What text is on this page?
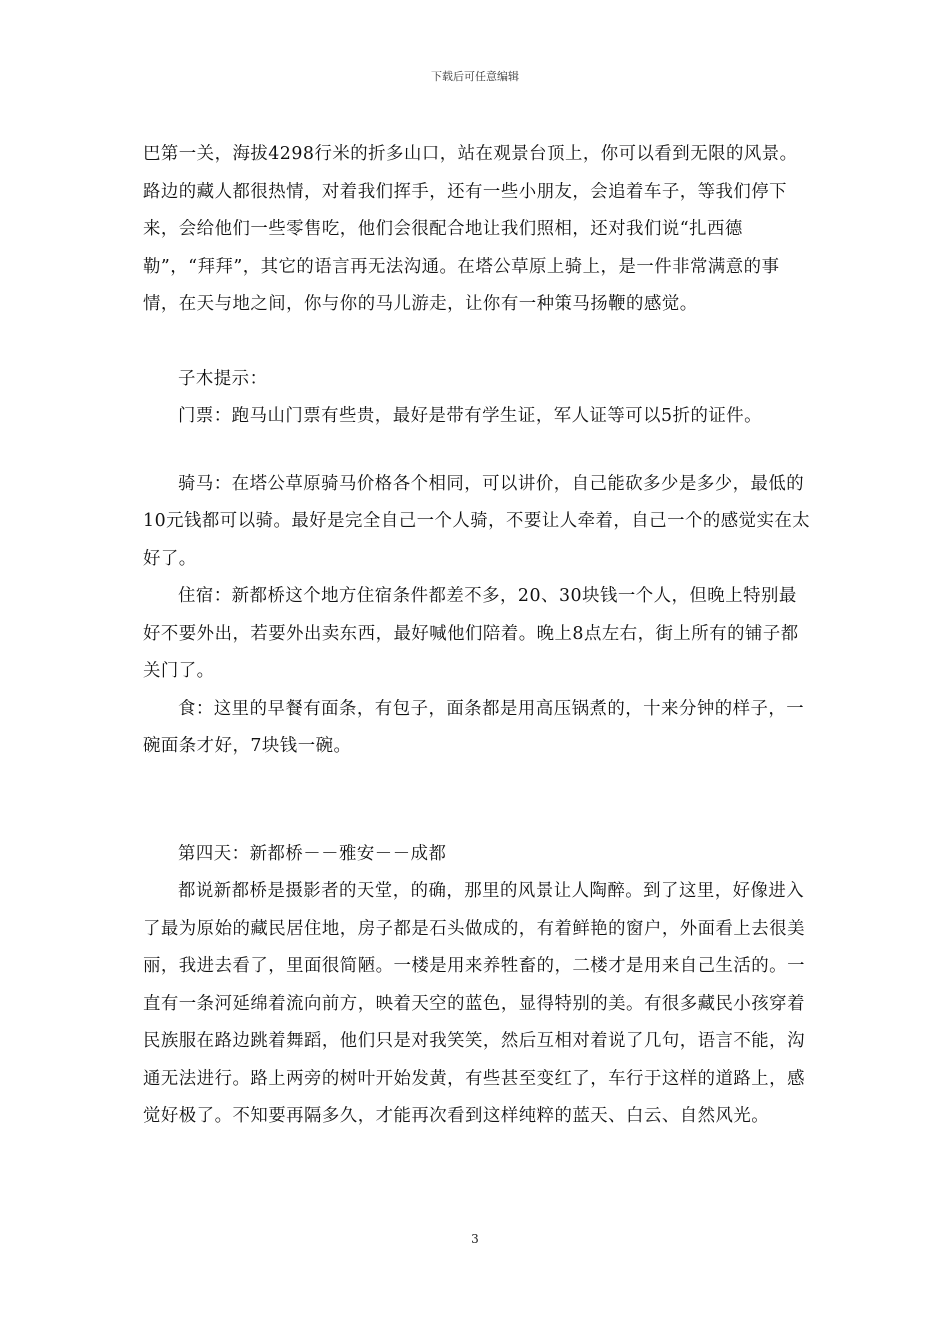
下载后可任意编辑

巴第一关，海拔4298行米的折多山口，站在观景台顶上，你可以看到无限的风景。路边的藏人都很热情，对着我们挥手，还有一些小朋友，会追着车子，等我们停下来，会给他们一些零售吃，他们会很配合地让我们照相，还对我们说“扎西德勒”，“拜拜”，其它的语言再无法沟通。在塔公草原上骑上，是一件非常满意的事情，在天与地之间，你与你的马儿游走，让你有一种策马扬鞭的感觉。

子木提示：

门票：跑马山门票有些贵，最好是带有学生证，军人证等可以5折的证件。

骑马：在塔公草原骑马价格各个相同，可以讲价，自己能砍多少是多少，最低的10元钱都可以骑。最好是完全自己一个人骑，不要让人牵着，自己一个的感觉实在太好了。

住宿：新都桥这个地方住宿条件都差不多，20、30块钱一个人，但晚上特别最好不要外出，若要外出卖东西，最好喊他们陪着。晚上8点左右，街上所有的铺子都关门了。

食：这里的早餐有面条，有包子，面条都是用高压锅煮的，十来分钟的样子，一碗面条才好，7块钱一碗。

第四天：新都桥－－雅安－－成都

都说新都桥是摄影者的天堂，的确，那里的风景让人陶醉。到了这里，好像进入了最为原始的藏民居住地，房子都是石头做成的，有着鲜艳的窗户，外面看上去很美丽，我进去看了，里面很简陋。一楼是用来养牲畜的，二楼才是用来自己生活的。一直有一条河延绵着流向前方，映着天空的蓝色，显得特别的美。有很多藏民小孩穿着民族服在路边跳着舞蹈，他们只是对我笑笑，然后互相对着说了几句，语言不能，沟通无法进行。路上两旁的树叶开始发黄，有些甚至变红了，车行于这样的道路上，感觉好极了。不知要再隔多久，才能再次看到这样纯粹的蓝天、白云、自然风光。

3
